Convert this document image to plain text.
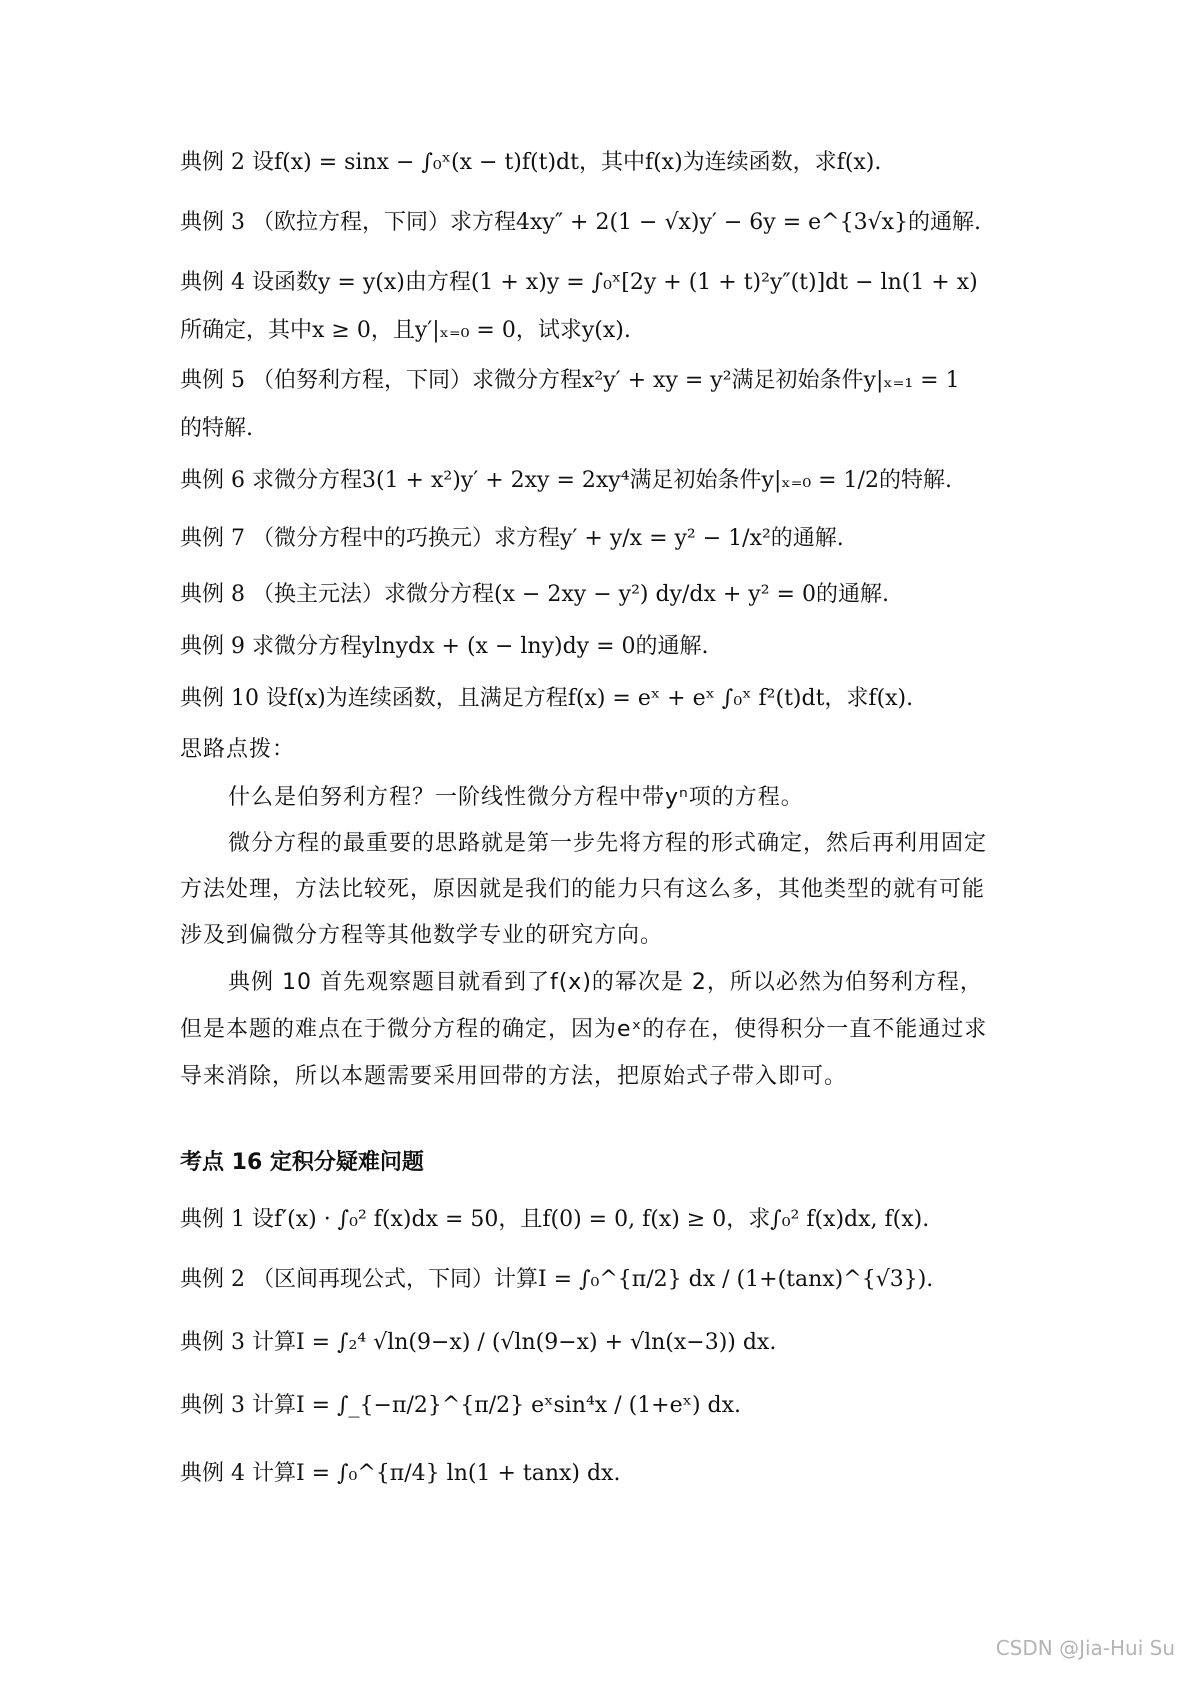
典例 2 设f(x) = sinx − ∫₀ˣ(x − t)f(t)dt，其中f(x)为连续函数，求f(x).
典例 3 （欧拉方程，下同）求方程4xy″ + 2(1 − √x)y′ − 6y = e^{3√x}的通解.
典例 4 设函数y = y(x)由方程(1 + x)y = ∫₀ˣ[2y + (1 + t)²y″(t)]dt − ln(1 + x)
所确定，其中x ≥ 0，且y′|ₓ₌₀ = 0，试求y(x).
典例 5 （伯努利方程，下同）求微分方程x²y′ + xy = y²满足初始条件y|ₓ₌₁ = 1
的特解.
典例 6 求微分方程3(1 + x²)y′ + 2xy = 2xy⁴满足初始条件y|ₓ₌₀ = 1/2的特解.
典例 7 （微分方程中的巧换元）求方程y′ + y/x = y² − 1/x²的通解.
典例 8 （换主元法）求微分方程(x − 2xy − y²) dy/dx + y² = 0的通解.
典例 9 求微分方程ylnydx + (x − lny)dy = 0的通解.
典例 10 设f(x)为连续函数，且满足方程f(x) = eˣ + eˣ ∫₀ˣ f²(t)dt，求f(x).
思路点拨：
什么是伯努利方程？一阶线性微分方程中带yⁿ项的方程。
微分方程的最重要的思路就是第一步先将方程的形式确定，然后再利用固定
方法处理，方法比较死，原因就是我们的能力只有这么多，其他类型的就有可能
涉及到偏微分方程等其他数学专业的研究方向。
典例 10 首先观察题目就看到了f(x)的幂次是 2，所以必然为伯努利方程，
但是本题的难点在于微分方程的确定，因为eˣ的存在，使得积分一直不能通过求
导来消除，所以本题需要采用回带的方法，把原始式子带入即可。
考点 16 定积分疑难问题
典例 1 设f′(x) · ∫₀² f(x)dx = 50，且f(0) = 0, f(x) ≥ 0，求∫₀² f(x)dx, f(x).
典例 2 （区间再现公式，下同）计算I = ∫₀^{π/2} dx / (1+(tanx)^{√3}).
典例 3 计算I = ∫₂⁴ √ln(9−x) / (√ln(9−x) + √ln(x−3)) dx.
典例 3 计算I = ∫_{−π/2}^{π/2} eˣsin⁴x / (1+eˣ) dx.
典例 4 计算I = ∫₀^{π/4} ln(1 + tanx) dx.
CSDN @Jia-Hui Su
